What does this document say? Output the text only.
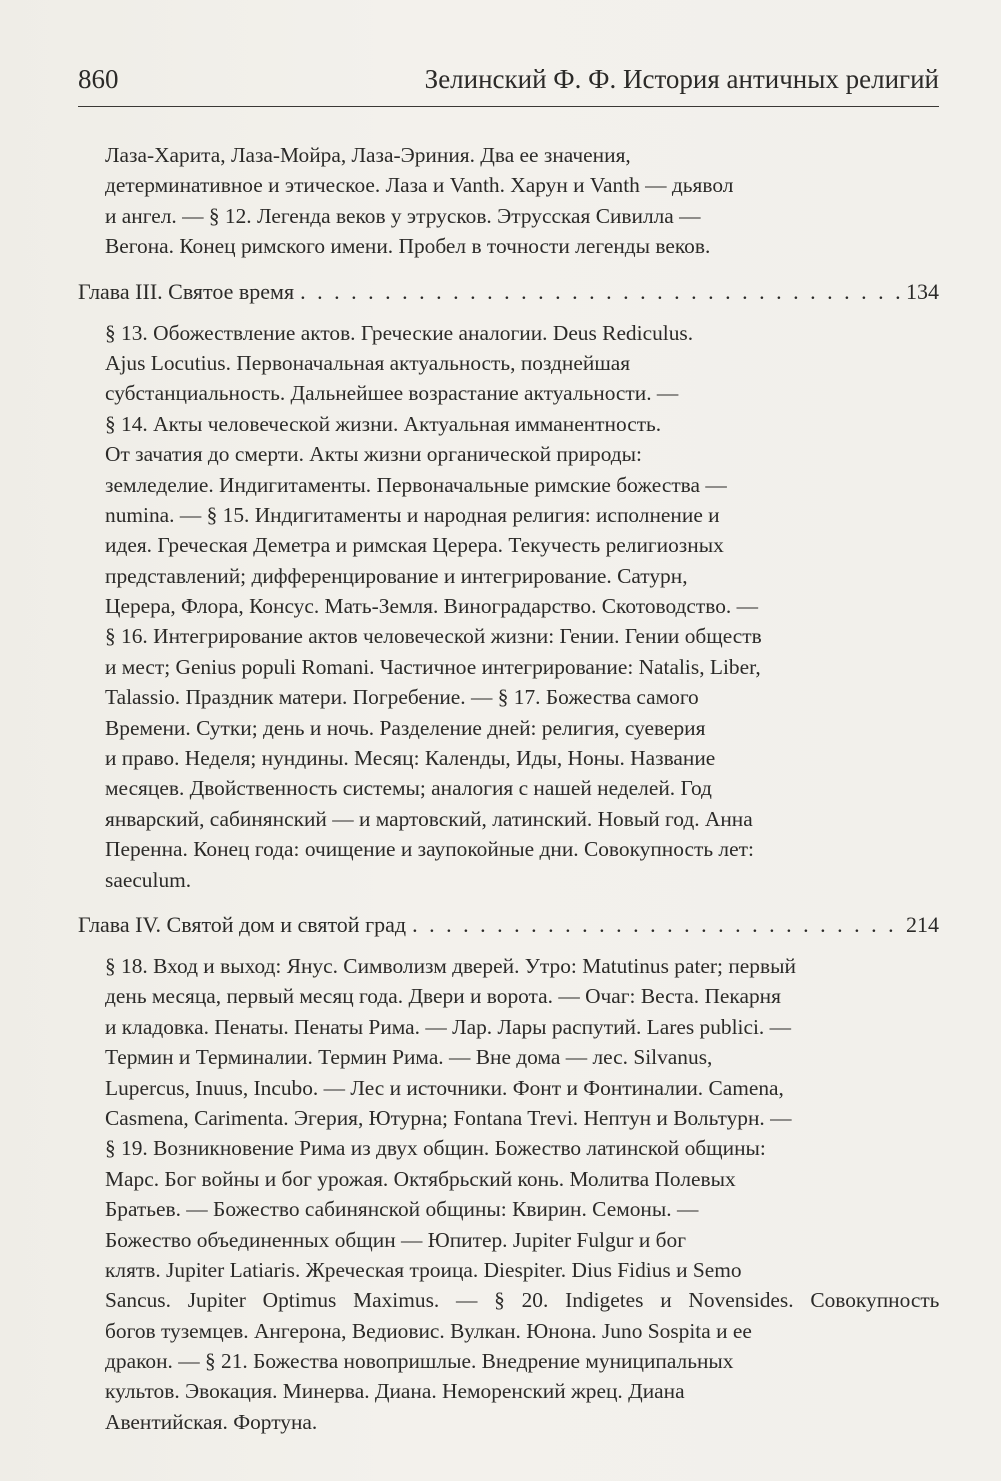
860	Зелинский Ф. Ф. История античных религий
Лаза-Харита, Лаза-Мойра, Лаза-Эриния. Два ее значения,
детерминативное и этическое. Лаза и Vanth. Харун и Vanth — дьявол
и ангел. — § 12. Легенда веков у этрусков. Этрусская Сивилла —
Вегона. Конец римского имени. Пробел в точности легенды веков.
Глава III. Святое время . . .	134
§ 13. Обожествление актов. Греческие аналогии. Deus Rediculus.
Ajus Locutius. Первоначальная актуальность, позднейшая
субстанциальность. Дальнейшее возрастание актуальности. —
§ 14. Акты человеческой жизни. Актуальная имманентность.
От зачатия до смерти. Акты жизни органической природы:
земледелие. Индигитаменты. Первоначальные римские божества —
numina. — § 15. Индигитаменты и народная религия: исполнение и
идея. Греческая Деметра и римская Церера. Текучесть религиозных
представлений; дифференцирование и интегрирование. Сатурн,
Церера, Флора, Консус. Мать-Земля. Виноградарство. Скотоводство. —
§ 16. Интегрирование актов человеческой жизни: Гении. Гении обществ
и мест; Genius populi Romani. Частичное интегрирование: Natalis, Liber,
Talassio. Праздник матери. Погребение. — § 17. Божества самого
Времени. Сутки; день и ночь. Разделение дней: религия, суеверия
и право. Неделя; нундины. Месяц: Календы, Иды, Ноны. Название
месяцев. Двойственность системы; аналогия с нашей неделей. Год
январский, сабинянский — и мартовский, латинский. Новый год. Анна
Перенна. Конец года: очищение и заупокойные дни. Совокупность лет:
saeculum.
Глава IV. Святой дом и святой град . . .	214
§ 18. Вход и выход: Янус. Символизм дверей. Утро: Matutinus pater; первый
день месяца, первый месяц года. Двери и ворота. — Очаг: Веста. Пекарня
и кладовка. Пенаты. Пенаты Рима. — Лар. Лары распутий. Lares publici. —
Термин и Терминалии. Термин Рима. — Вне дома — лес. Silvanus,
Lupercus, Inuus, Incubo. — Лес и источники. Фонт и Фонтиналии. Camena,
Casmena, Carimenta. Эгерия, Ютурна; Fontana Trevi. Нептун и Вольтурн. —
§ 19. Возникновение Рима из двух общин. Божество латинской общины:
Марс. Бог войны и бог урожая. Октябрьский конь. Молитва Полевых
Братьев. — Божество сабинянской общины: Квирин. Семоны. —
Божество объединенных общин — Юпитер. Jupiter Fulgur и бог
клятв. Jupiter Latiaris. Жреческая троица. Diespiter. Dius Fidius и Semo
Sancus. Jupiter Optimus Maximus. — § 20. Indigetes и Novensides. Совокупность
богов туземцев. Ангерона, Ведиовис. Вулкан. Юнона. Juno Sospita и ее
дракон. — § 21. Божества новопришлые. Внедрение муниципальных
культов. Эвокация. Минерва. Диана. Неморенский жрец. Диана
Авентийская. Фортуна.
